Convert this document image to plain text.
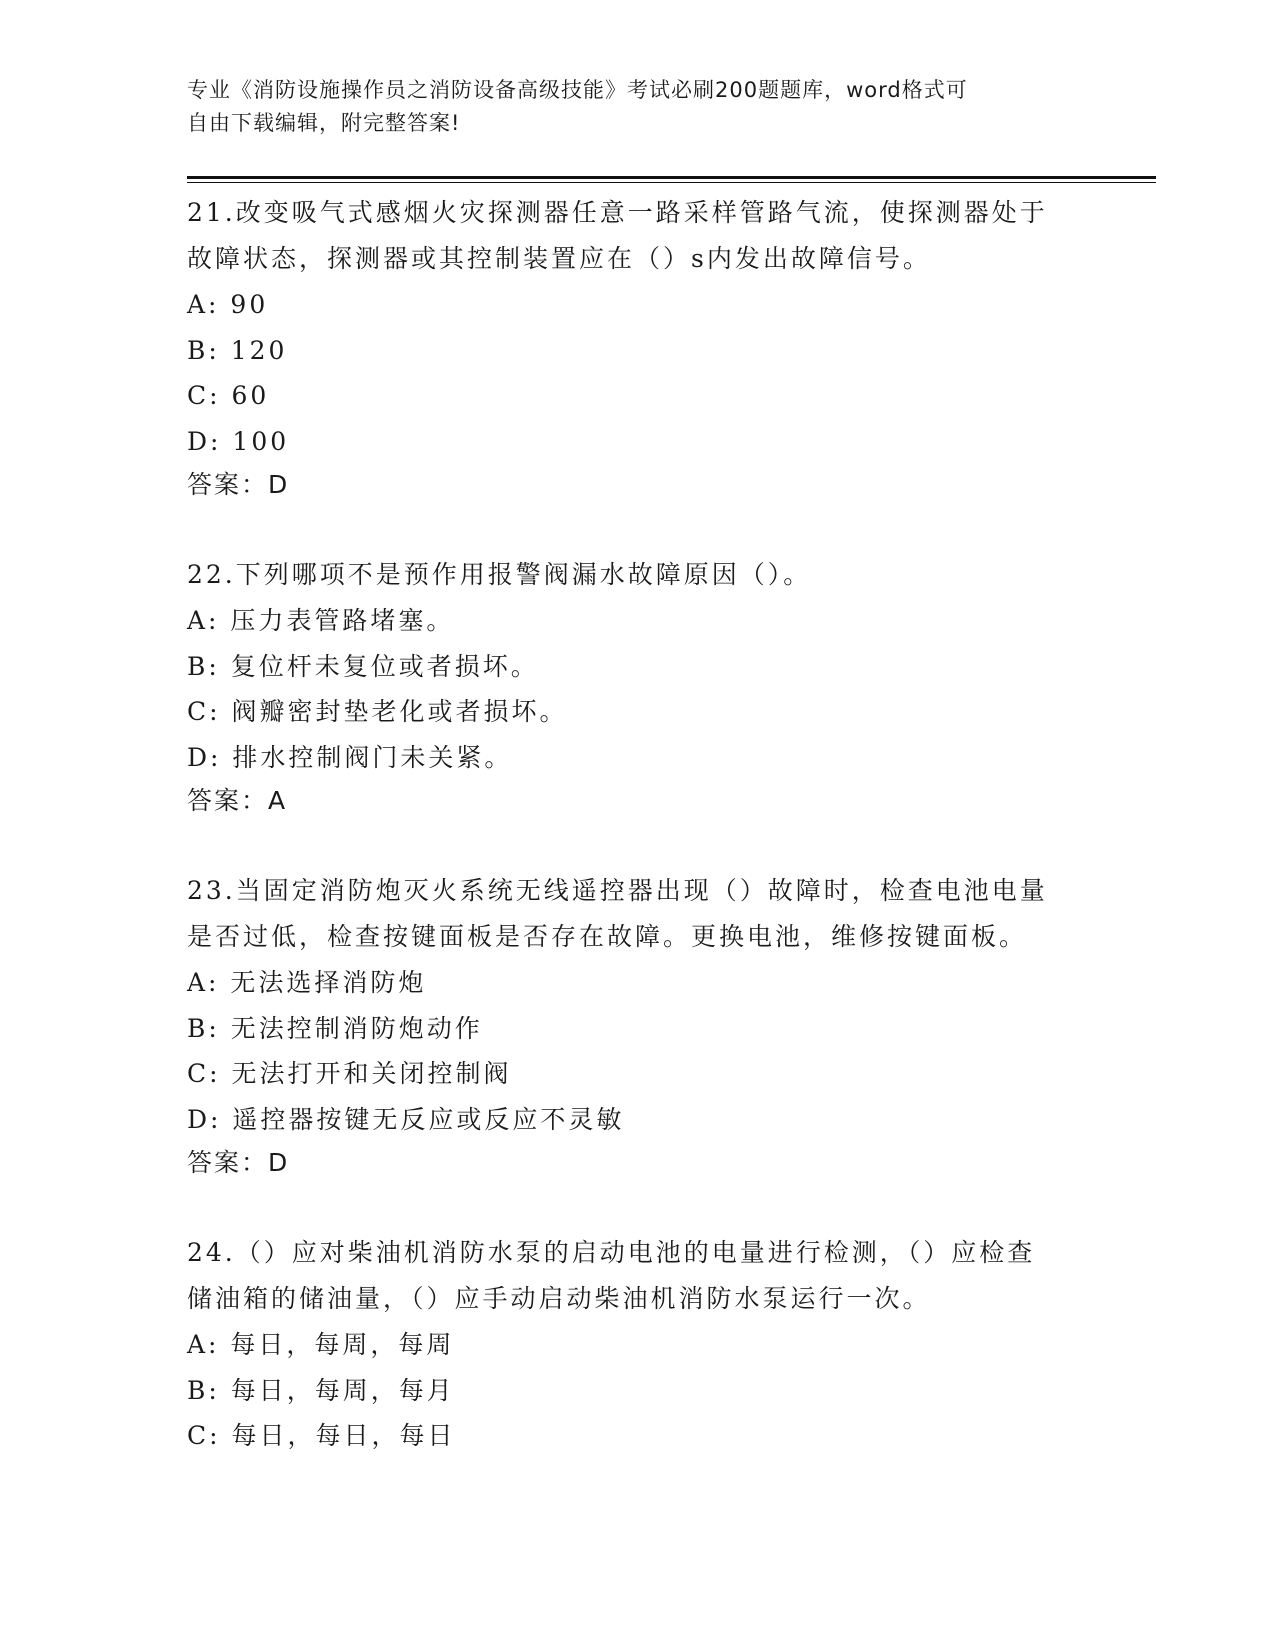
专业《消防设施操作员之消防设备高级技能》考试必刷200题题库，word格式可
自由下载编辑，附完整答案!

21.改变吸气式感烟火灾探测器任意一路采样管路气流，使探测器处于

故障状态，探测器或其控制装置应在（）s内发出故障信号。

A: 90

B: 120

C: 60

D: 100

答案：D

22.下列哪项不是预作用报警阀漏水故障原因（）。

A: 压力表管路堵塞。

B: 复位杆未复位或者损坏。

C: 阀瓣密封垫老化或者损坏。

D: 排水控制阀门未关紧。

答案：A

23.当固定消防炮灭火系统无线遥控器出现（）故障时，检查电池电量

是否过低，检查按键面板是否存在故障。更换电池，维修按键面板。

A: 无法选择消防炮

B: 无法控制消防炮动作

C: 无法打开和关闭控制阀

D: 遥控器按键无反应或反应不灵敏

答案：D

24.（）应对柴油机消防水泵的启动电池的电量进行检测，（）应检查

储油箱的储油量，（）应手动启动柴油机消防水泵运行一次。

A: 每日，每周，每周

B: 每日，每周，每月

C: 每日，每日，每日
